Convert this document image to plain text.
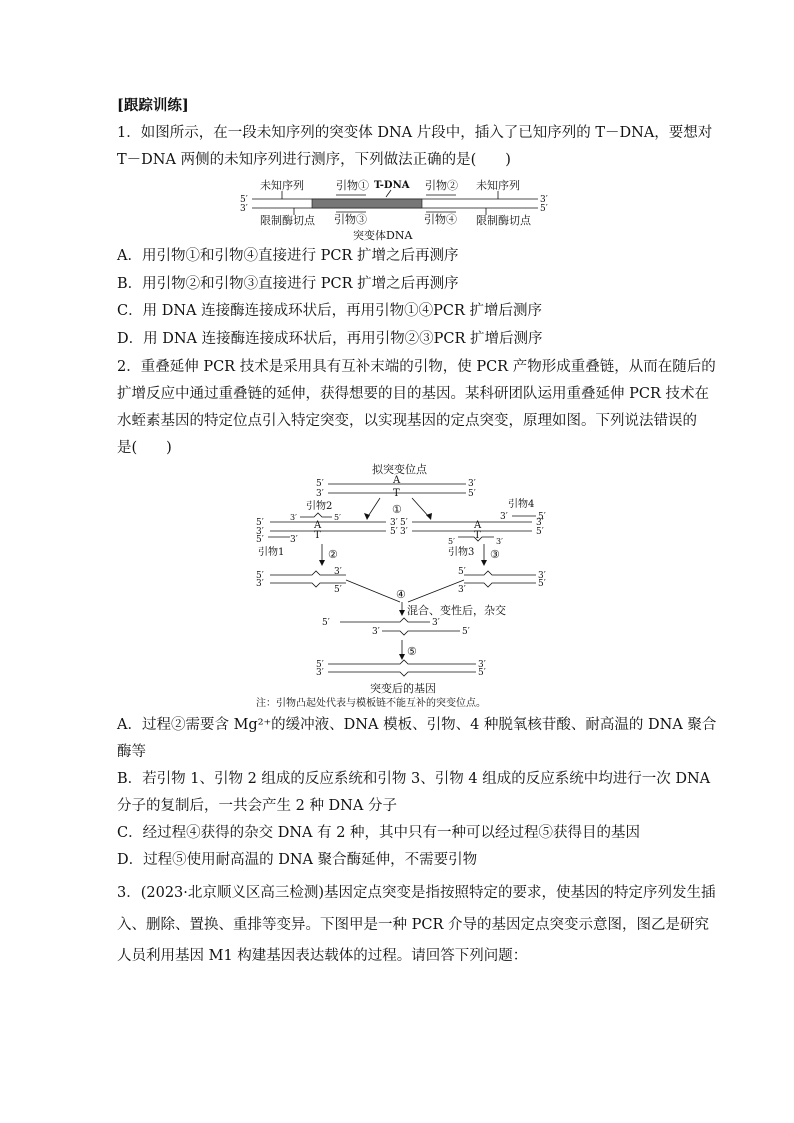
[跟踪训练]
1．如图所示，在一段未知序列的突变体 DNA 片段中，插入了已知序列的 T－DNA，要想对
T－DNA 两侧的未知序列进行测序，下列做法正确的是(　　)
未知序列	引物① T-DNA 引物② 未知序列
5′	3′
3′	5′
限制酶切点 引物③	引物④ 限制酶切点
突变体DNA
A．用引物①和引物④直接进行 PCR 扩增之后再测序
B．用引物②和引物③直接进行 PCR 扩增之后再测序
C．用 DNA 连接酶连接成环状后，再用引物①④PCR 扩增后测序
D．用 DNA 连接酶连接成环状后，再用引物②③PCR 扩增后测序
2．重叠延伸 PCR 技术是采用具有互补末端的引物，使 PCR 产物形成重叠链，从而在随后的
扩增反应中通过重叠链的延伸，获得想要的目的基因。某科研团队运用重叠延伸 PCR 技术在
水蛭素基因的特定位点引入特定突变，以实现基因的定点突变，原理如图。下列说法错误的
是(　　)
拟突变位点
5′	3′
3′	5′
A
T
①
引物2
3′	5′
A
T
5′
3′
3′
5′
5′	3′
引物1
引物4
3′	5′
5′
3′
3′
5′
A
T
5′	3′
引物3
②	③
④
混合、变性后，杂交
⑤
5′
3′
3′
5′
5′
3′
3′
5′
5′	3′
3′	5′
5′	3′
3′	5′
突变后的基因
注：引物凸起处代表与模板链不能互补的突变位点。
A．过程②需要含 Mg²⁺的缓冲液、DNA 模板、引物、4 种脱氧核苷酸、耐高温的 DNA 聚合
酶等
B．若引物 1、引物 2 组成的反应系统和引物 3、引物 4 组成的反应系统中均进行一次 DNA
分子的复制后，一共会产生 2 种 DNA 分子
C．经过程④获得的杂交 DNA 有 2 种，其中只有一种可以经过程⑤获得目的基因
D．过程⑤使用耐高温的 DNA 聚合酶延伸，不需要引物
3．(2023·北京顺义区高三检测)基因定点突变是指按照特定的要求，使基因的特定序列发生插
入、删除、置换、重排等变异。下图甲是一种 PCR 介导的基因定点突变示意图，图乙是研究
人员利用基因 M1 构建基因表达载体的过程。请回答下列问题：
